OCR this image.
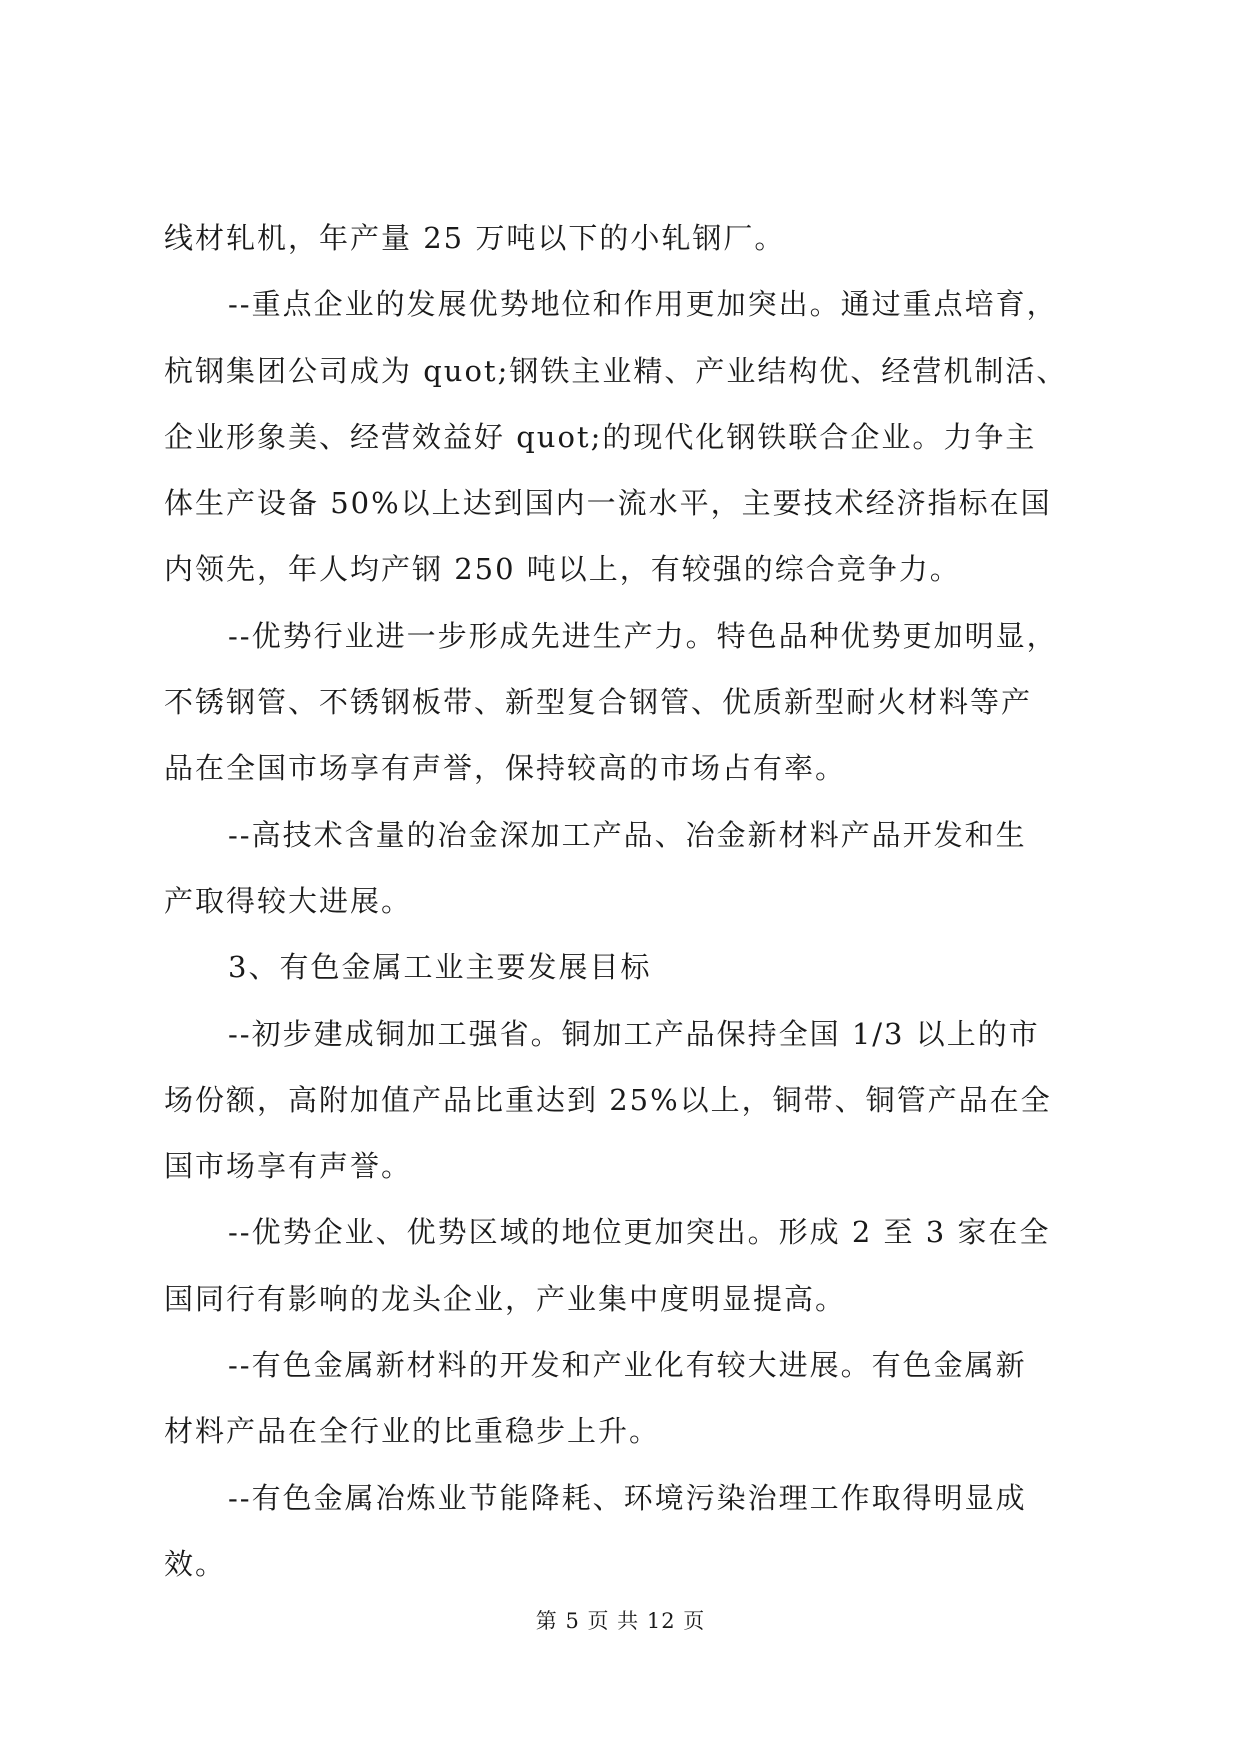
线材轧机，年产量 25 万吨以下的小轧钢厂。
--重点企业的发展优势地位和作用更加突出。通过重点培育，
杭钢集团公司成为 quot;钢铁主业精、产业结构优、经营机制活、
企业形象美、经营效益好 quot;的现代化钢铁联合企业。力争主
体生产设备 50%以上达到国内一流水平，主要技术经济指标在国
内领先，年人均产钢 250 吨以上，有较强的综合竞争力。
--优势行业进一步形成先进生产力。特色品种优势更加明显，
不锈钢管、不锈钢板带、新型复合钢管、优质新型耐火材料等产
品在全国市场享有声誉，保持较高的市场占有率。
--高技术含量的冶金深加工产品、冶金新材料产品开发和生
产取得较大进展。
3、有色金属工业主要发展目标
--初步建成铜加工强省。铜加工产品保持全国 1/3 以上的市
场份额，高附加值产品比重达到 25%以上，铜带、铜管产品在全
国市场享有声誉。
--优势企业、优势区域的地位更加突出。形成 2 至 3 家在全
国同行有影响的龙头企业，产业集中度明显提高。
--有色金属新材料的开发和产业化有较大进展。有色金属新
材料产品在全行业的比重稳步上升。
--有色金属冶炼业节能降耗、环境污染治理工作取得明显成
效。
第 5 页 共 12 页
